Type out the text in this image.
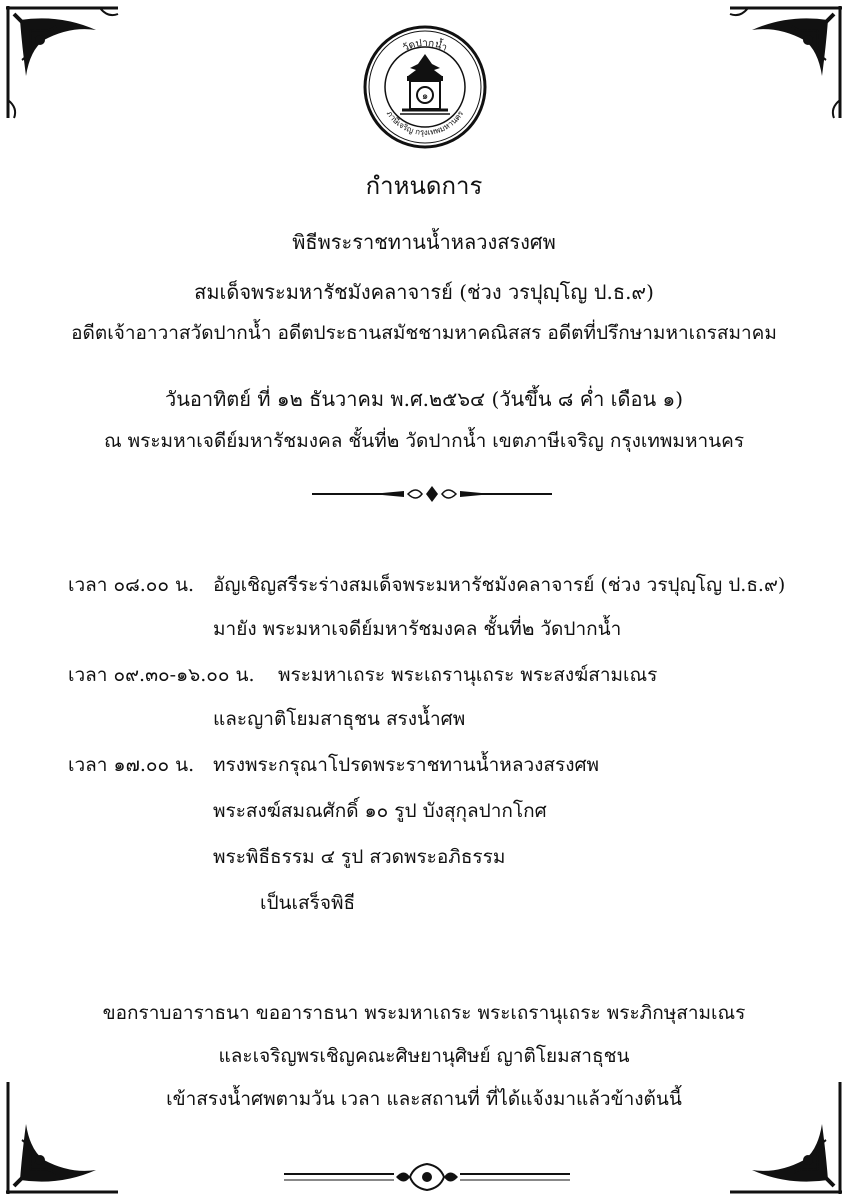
วัดปากน้ำ
ภาษีเจริญ กรุงเทพมหานคร
๑
กำหนดการ
พิธีพระราชทานน้ำหลวงสรงศพ
สมเด็จพระมหารัชมังคลาจารย์ (ช่วง วรปุญฺโญ ป.ธ.๙)
อดีตเจ้าอาวาสวัดปากน้ำ อดีตประธานสมัชชามหาคณิสสร อดีตที่ปรึกษามหาเถรสมาคม
วันอาทิตย์ ที่ ๑๒ ธันวาคม พ.ศ.๒๕๖๔ (วันขึ้น ๘ ค่ำ เดือน ๑)
ณ พระมหาเจดีย์มหารัชมงคล ชั้นที่๒ วัดปากน้ำ เขตภาษีเจริญ กรุงเทพมหานคร
เวลา ๐๘.๐๐ น. อัญเชิญสรีระร่างสมเด็จพระมหารัชมังคลาจารย์ (ช่วง วรปุญฺโญ ป.ธ.๙)
มายัง พระมหาเจดีย์มหารัชมงคล ชั้นที่๒ วัดปากน้ำ
เวลา ๐๙.๓๐-๑๖.๐๐ น. พระมหาเถระ พระเถรานุเถระ พระสงฆ์สามเณร
และญาติโยมสาธุชน สรงน้ำศพ
เวลา ๑๗.๐๐ น. ทรงพระกรุณาโปรดพระราชทานน้ำหลวงสรงศพ
พระสงฆ์สมณศักดิ์ ๑๐ รูป บังสุกุลปากโกศ
พระพิธีธรรม ๔ รูป สวดพระอภิธรรม
เป็นเสร็จพิธี
ขอกราบอาราธนา ขออาราธนา พระมหาเถระ พระเถรานุเถระ พระภิกษุสามเณร
และเจริญพรเชิญคณะศิษยานุศิษย์ ญาติโยมสาธุชน
เข้าสรงน้ำศพตามวัน เวลา และสถานที่ ที่ได้แจ้งมาแล้วข้างต้นนี้
